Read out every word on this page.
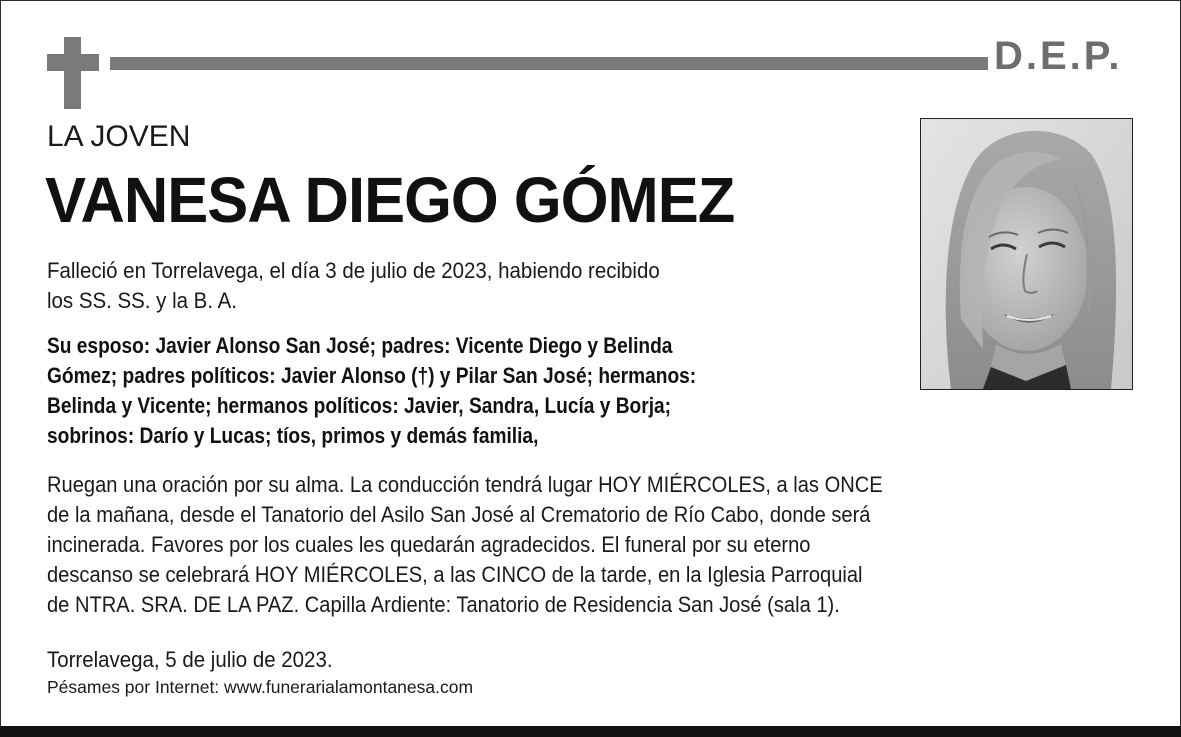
D.E.P.
LA JOVEN
VANESA DIEGO GÓMEZ
Falleció en Torrelavega, el día 3 de julio de 2023, habiendo recibido
los SS. SS. y la B. A.
Su esposo: Javier Alonso San José; padres: Vicente Diego y Belinda
Gómez; padres políticos: Javier Alonso (†) y Pilar San José; hermanos:
Belinda y Vicente; hermanos políticos: Javier, Sandra, Lucía y Borja;
sobrinos: Darío y Lucas; tíos, primos y demás familia,
Ruegan una oración por su alma. La conducción tendrá lugar HOY MIÉRCOLES, a las ONCE
de la mañana, desde el Tanatorio del Asilo San José al Crematorio de Río Cabo, donde será
incinerada. Favores por los cuales les quedarán agradecidos. El funeral por su eterno
descanso se celebrará HOY MIÉRCOLES, a las CINCO de la tarde, en la Iglesia Parroquial
de NTRA. SRA. DE LA PAZ. Capilla Ardiente: Tanatorio de Residencia San José (sala 1).
Torrelavega, 5 de julio de 2023.
Pésames por Internet: www.funerarialamontanesa.com
